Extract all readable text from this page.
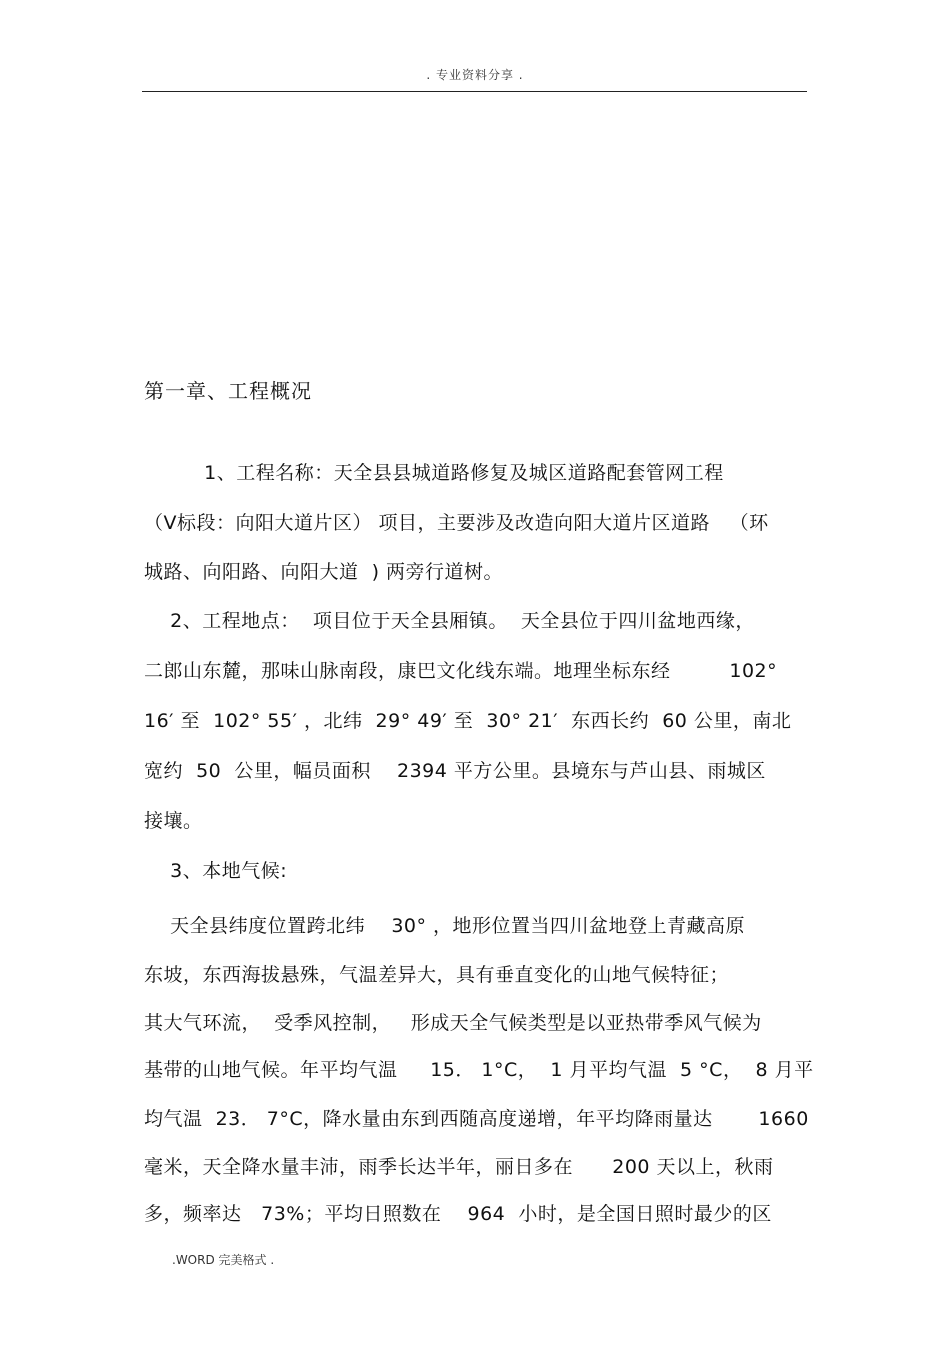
. 专业资料分享 .
第一章、工程概况
1、工程名称：天全县县城道路修复及城区道路配套管网工程
（V标段：向阳大道片区） 项目，主要涉及改造向阳大道片区道路   （环
城路、向阳路、向阳大道  ) 两旁行道树。
2、工程地点：  项目位于天全县厢镇。  天全县位于四川盆地西缘，
二郎山东麓，那味山脉南段，康巴文化线东端。地理坐标东经         102°
16′ 至  102° 55′ ，北纬  29° 49′ 至  30° 21′  东西长约  60 公里，南北
宽约  50  公里，幅员面积    2394 平方公里。县境东与芦山县、雨城区
接壤。
3、本地气候:
天全县纬度位置跨北纬    30° ，地形位置当四川盆地登上青藏高原
东坡，东西海拔悬殊，气温差异大，具有垂直变化的山地气候特征；
其大气环流，  受季风控制，   形成天全气候类型是以亚热带季风气候为
基带的山地气候。年平均气温     15． 1°C，  1 月平均气温  5 °C，  8 月平
均气温  23． 7°C，降水量由东到西随高度递增，年平均降雨量达       1660
毫米，天全降水量丰沛，雨季长达半年，丽日多在      200 天以上，秋雨
多，频率达   73%；平均日照数在    964  小时，是全国日照时最少的区
.WORD 完美格式 .
